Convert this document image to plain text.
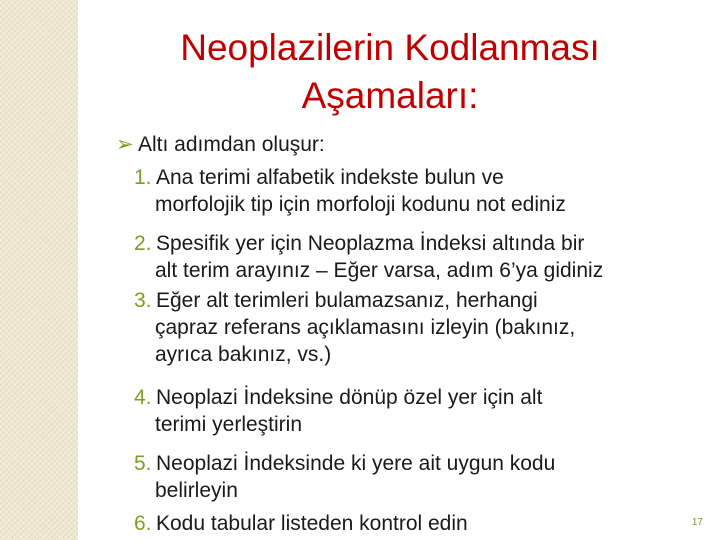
Neoplazilerin Kodlanması
Aşamaları:
➢ Altı adımdan oluşur:
1. Ana terimi alfabetik indekste bulun ve
morfolojik tip için morfoloji kodunu not ediniz
2. Spesifik yer için Neoplazma İndeksi altında bir
alt terim arayınız – Eğer varsa, adım 6’ya gidiniz
3. Eğer alt terimleri bulamazsanız, herhangi
çapraz referans açıklamasını izleyin (bakınız,
ayrıca bakınız, vs.)
4. Neoplazi İndeksine dönüp özel yer için alt
terimi yerleştirin
5. Neoplazi İndeksinde ki yere ait uygun kodu
belirleyin
6. Kodu tabular listeden kontrol edin	17
